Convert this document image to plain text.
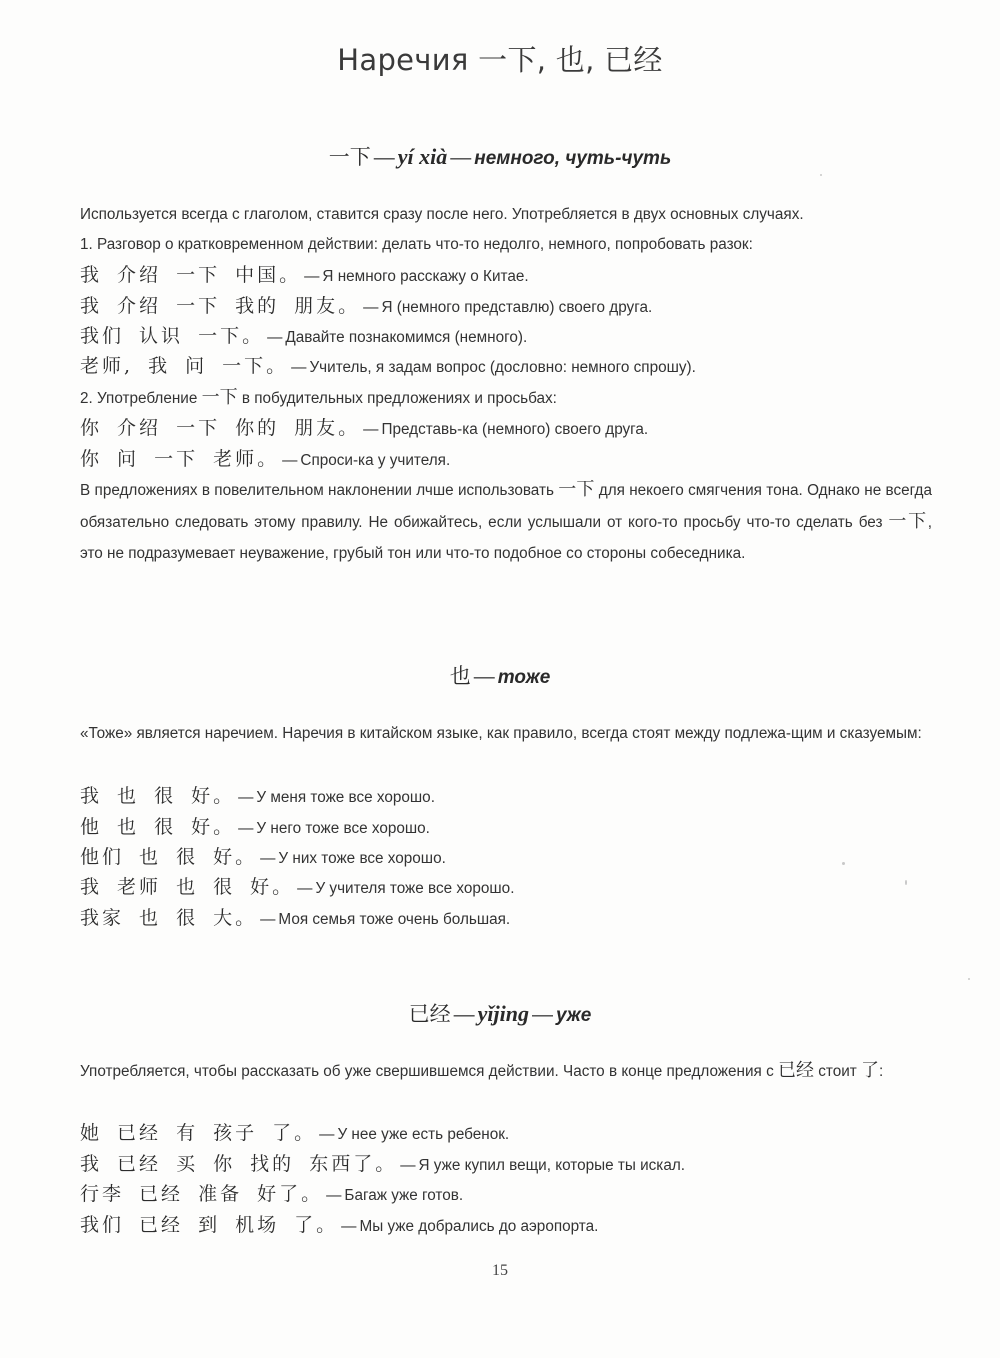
Наречия 一下, 也, 已经
一下 — yí xià — немного, чуть-чуть
Используется всегда с глаголом, ставится сразу после него. Употребляется в двух основных случаях.
1. Разговор о кратковременном действии: делать что-то недолго, немного, попробовать разок:
我 介绍 一下 中国。 — Я немного расскажу о Китае.
我 介绍 一下 我的 朋友。 — Я (немного представлю) своего друга.
我们 认识 一下。 — Давайте познакомимся (немного).
老师, 我 问 一下。 — Учитель, я задам вопрос (дословно: немного спрошу).
2. Употребление 一下 в побудительных предложениях и просьбах:
你 介绍 一下 你的 朋友。 — Представь-ка (немного) своего друга.
你 问 一下 老师。 — Спроси-ка у учителя.
В предложениях в повелительном наклонении лчше использовать 一下 для некоего смягчения тона. Однако не всегда обязательно следовать этому правилу. Не обижайтесь, если услышали от кого-то просьбу что-то сделать без 一下, это не подразумевает неуважение, грубый тон или что-то подобное со стороны собеседника.
也 — тоже
«Тоже» является наречием. Наречия в китайском языке, как правило, всегда стоят между подлежа-щим и сказуемым:
我 也 很 好。 — У меня тоже все хорошо.
他 也 很 好。 — У него тоже все хорошо.
他们 也 很 好。 — У них тоже все хорошо.
我 老师 也 很 好。 — У учителя тоже все хорошо.
我家 也 很 大。 — Моя семья тоже очень большая.
已经 — yǐjing — уже
Употребляется, чтобы рассказать об уже свершившемся действии. Часто в конце предложения с 已经 стоит 了:
她 已经 有 孩子 了。 — У нее уже есть ребенок.
我 已经 买 你 找的 东西了。 — Я уже купил вещи, которые ты искал.
行李 已经 准备 好了。 — Багаж уже готов.
我们 已经 到 机场 了。 — Мы уже добрались до аэропорта.
15
